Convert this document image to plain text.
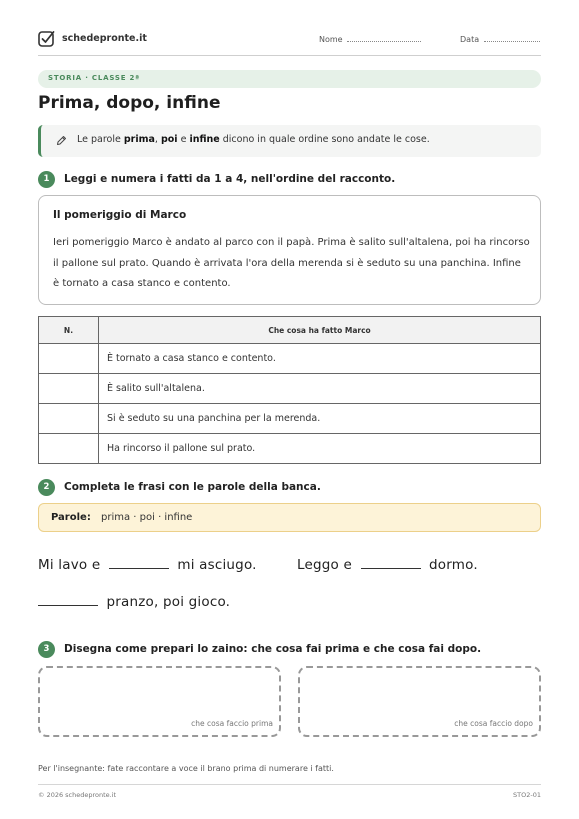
schedepronte.it	Nome	Data
STORIA · CLASSE 2ª
Prima, dopo, infine
Le parole prima, poi e infine dicono in quale ordine sono andate le cose.
1	Leggi e numera i fatti da 1 a 4, nell'ordine del racconto.
Il pomeriggio di Marco
Ieri pomeriggio Marco è andato al parco con il papà. Prima è salito sull'altalena, poi ha rincorso il pallone sul prato. Quando è arrivata l'ora della merenda si è seduto su una panchina. Infine è tornato a casa stanco e contento.
N.	Che cosa ha fatto Marco
	È tornato a casa stanco e contento.
	È salito sull'altalena.
	Si è seduto su una panchina per la merenda.
	Ha rincorso il pallone sul prato.
2	Completa le frasi con le parole della banca.
Parole: prima · poi · infine
Mi lavo e	mi asciugo.	Leggo e	dormo.
pranzo, poi gioco.
3	Disegna come prepari lo zaino: che cosa fai prima e che cosa fai dopo.
che cosa faccio prima	che cosa faccio dopo
Per l'insegnante: fate raccontare a voce il brano prima di numerare i fatti.
© 2026 schedepronte.it	STO2-01
